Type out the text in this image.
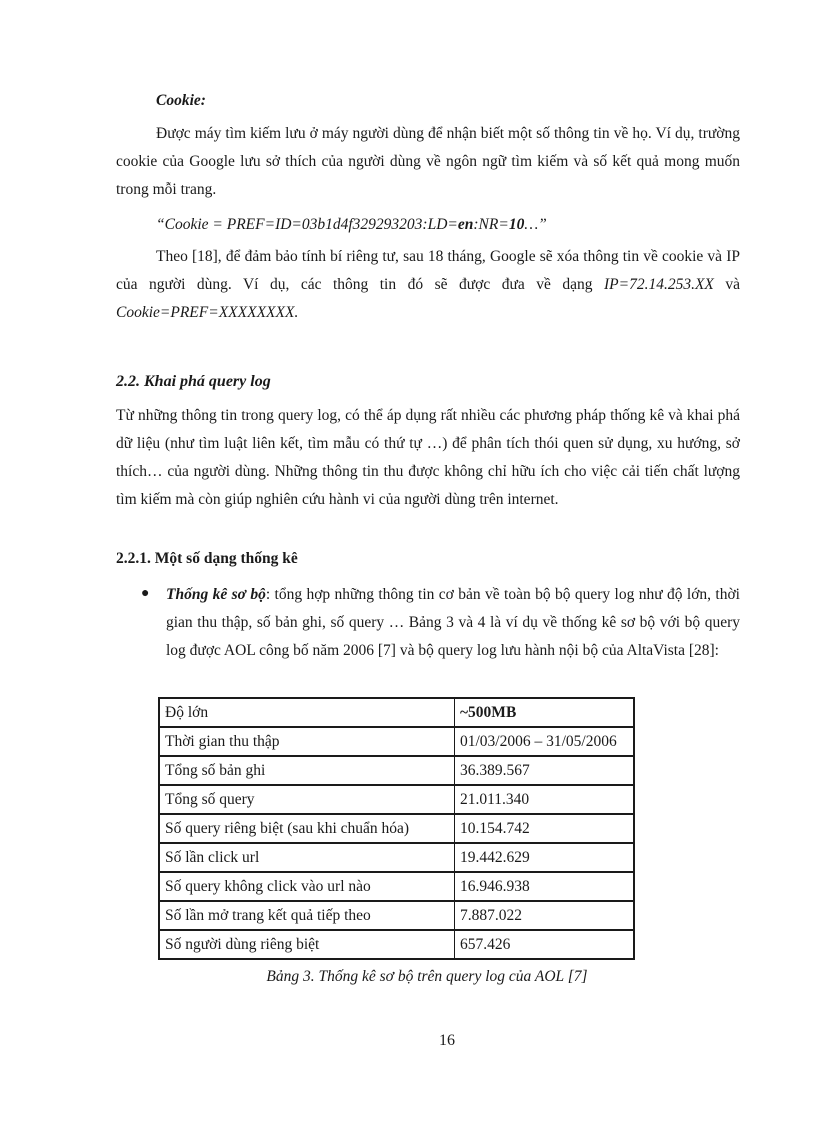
Cookie:

Được máy tìm kiếm lưu ở máy người dùng để nhận biết một số thông tin về họ. Ví dụ, trường cookie của Google lưu sở thích của người dùng về ngôn ngữ tìm kiếm và số kết quả mong muốn trong mỗi trang.

“Cookie = PREF=ID=03b1d4f329293203:LD=en:NR=10…”

Theo [18], để đảm bảo tính bí riêng tư, sau 18 tháng, Google sẽ xóa thông tin về cookie và IP của người dùng. Ví dụ, các thông tin đó sẽ được đưa về dạng IP=72.14.253.XX và Cookie=PREF=XXXXXXXX.

2.2. Khai phá query log

Từ những thông tin trong query log, có thể áp dụng rất nhiều các phương pháp thống kê và khai phá dữ liệu (như tìm luật liên kết, tìm mẫu có thứ tự …) để phân tích thói quen sử dụng, xu hướng, sở thích… của người dùng. Những thông tin thu được không chỉ hữu ích cho việc cải tiến chất lượng tìm kiếm mà còn giúp nghiên cứu hành vi của người dùng trên internet.

2.2.1. Một số dạng thống kê
● Thống kê sơ bộ: tổng hợp những thông tin cơ bản về toàn bộ bộ query log như độ lớn, thời gian thu thập, số bản ghi, số query … Bảng 3 và 4 là ví dụ về thống kê sơ bộ với bộ query log được AOL công bố năm 2006 [7] và bộ query log lưu hành nội bộ của AltaVista [28]:

Độ lớn	~500MB
Thời gian thu thập	01/03/2006 – 31/05/2006
Tổng số bản ghi	36.389.567
Tổng số query	21.011.340
Số query riêng biệt (sau khi chuẩn hóa)	10.154.742
Số lần click url	19.442.629
Số query không click vào url nào	16.946.938
Số lần mở trang kết quả tiếp theo	7.887.022
Số người dùng riêng biệt	657.426

Bảng 3. Thống kê sơ bộ trên query log của AOL [7]

16
